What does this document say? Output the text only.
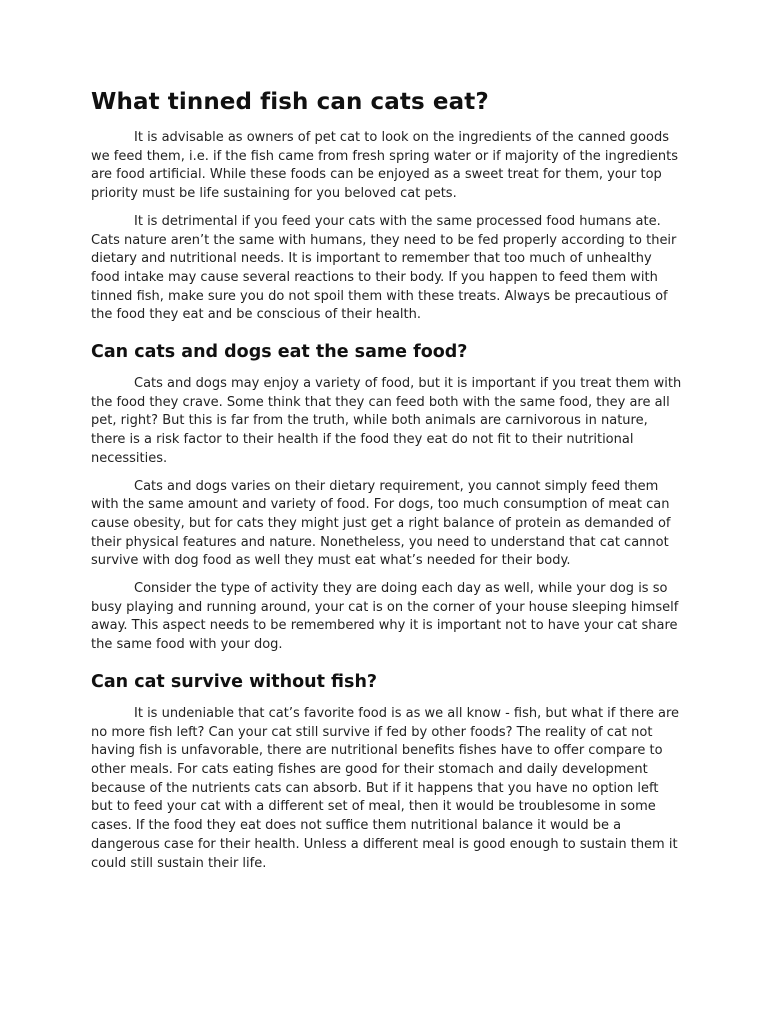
What tinned fish can cats eat?

It is advisable as owners of pet cat to look on the ingredients of the canned goods we feed them, i.e. if the fish came from fresh spring water or if majority of the ingredients are food artificial. While these foods can be enjoyed as a sweet treat for them, your top priority must be life sustaining for you beloved cat pets.

It is detrimental if you feed your cats with the same processed food humans ate. Cats nature aren’t the same with humans, they need to be fed properly according to their dietary and nutritional needs. It is important to remember that too much of unhealthy food intake may cause several reactions to their body. If you happen to feed them with tinned fish, make sure you do not spoil them with these treats. Always be precautious of the food they eat and be conscious of their health.

Can cats and dogs eat the same food?

Cats and dogs may enjoy a variety of food, but it is important if you treat them with the food they crave. Some think that they can feed both with the same food, they are all pet, right? But this is far from the truth, while both animals are carnivorous in nature, there is a risk factor to their health if the food they eat do not fit to their nutritional necessities.

Cats and dogs varies on their dietary requirement, you cannot simply feed them with the same amount and variety of food. For dogs, too much consumption of meat can cause obesity, but for cats they might just get a right balance of protein as demanded of their physical features and nature. Nonetheless, you need to understand that cat cannot survive with dog food as well they must eat what’s needed for their body.

Consider the type of activity they are doing each day as well, while your dog is so busy playing and running around, your cat is on the corner of your house sleeping himself away. This aspect needs to be remembered why it is important not to have your cat share the same food with your dog.

Can cat survive without fish?

It is undeniable that cat’s favorite food is as we all know - fish, but what if there are no more fish left? Can your cat still survive if fed by other foods? The reality of cat not having fish is unfavorable, there are nutritional benefits fishes have to offer compare to other meals. For cats eating fishes are good for their stomach and daily development because of the nutrients cats can absorb. But if it happens that you have no option left but to feed your cat with a different set of meal, then it would be troublesome in some cases. If the food they eat does not suffice them nutritional balance it would be a dangerous case for their health. Unless a different meal is good enough to sustain them it could still sustain their life.
